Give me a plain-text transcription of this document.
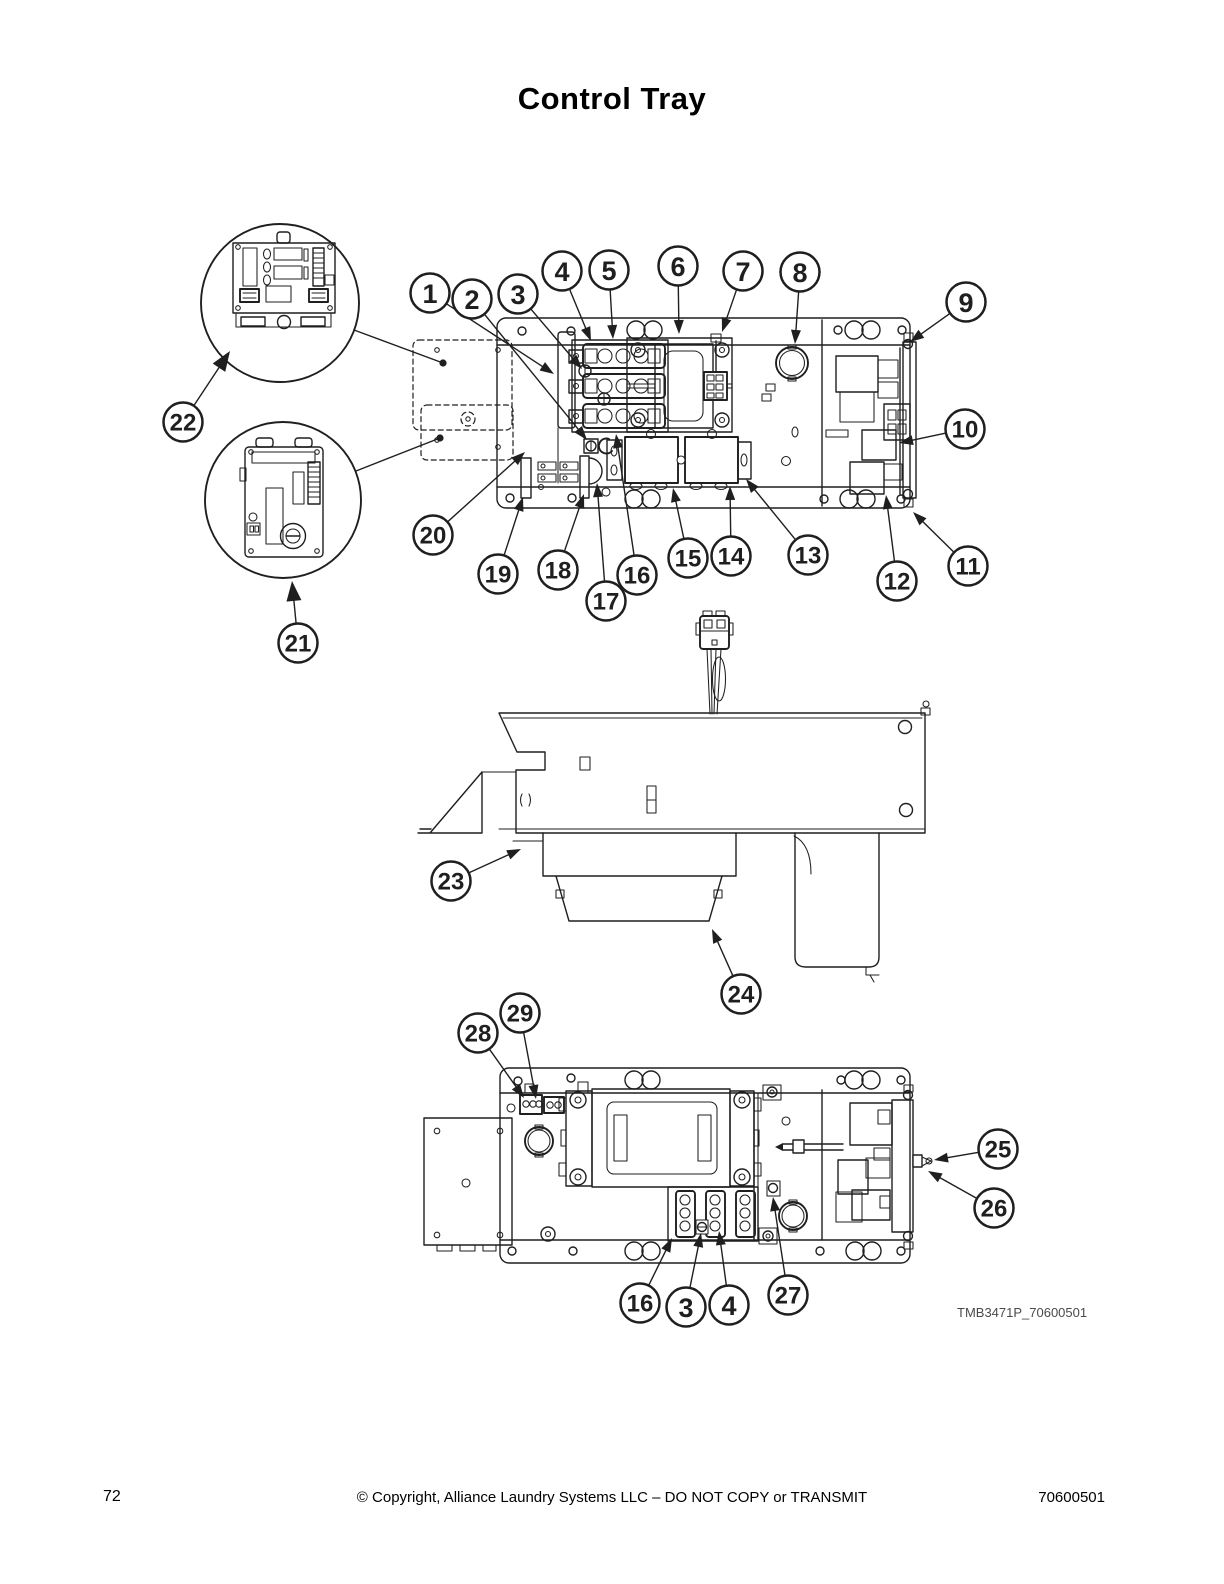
Control Tray
1 2 3
4 5 6 7 8
9
10
11
12
13
14
15
16
17
18
19
20
21
22
23
24
25
26
27
28
29
16 3 4	TMB3471P_70600501
© Copyright, Alliance Laundry Systems LLC – DO NOT COPY or TRANSMIT
72	70600501
